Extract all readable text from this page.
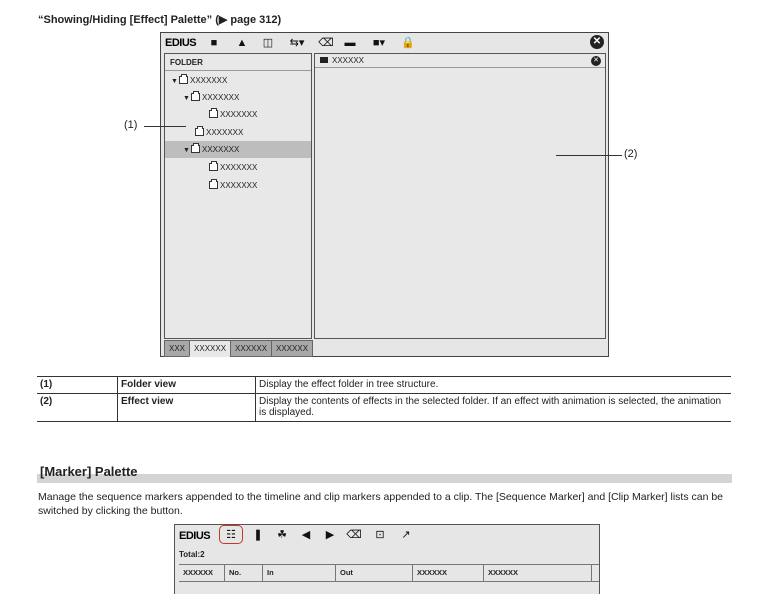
“Showing/Hiding [Effect] Palette” (▶ page 312)
EDIUS	■	▲	◫	⇆▾	⌫ ▬	■▾	🔒	✕
FOLDER
▼ XXXXXXX
▼ XXXXXXX
XXXXXXX
XXXXXXX
▼ XXXXXXX
XXXXXXX
XXXXXXX
XXXXXX	✕
XXX XXXXXX XXXXXX XXXXXX
(1)
(2)
(1)	Folder view	Display the effect folder in tree structure.
(2)	Effect view	Display the contents of effects in the selected folder. If an effect with animation is selected, the animation is displayed.
[Marker] Palette
Manage the sequence markers appended to the timeline and clip markers appended to a clip. The [Sequence Marker] and [Clip Marker] lists can be switched by clicking the button.
EDIUS	☷	❚	☘	◀	▶	⌫	⊡	↗
Total:2
XXXXXX	No.	In	Out	XXXXXX	XXXXXX
